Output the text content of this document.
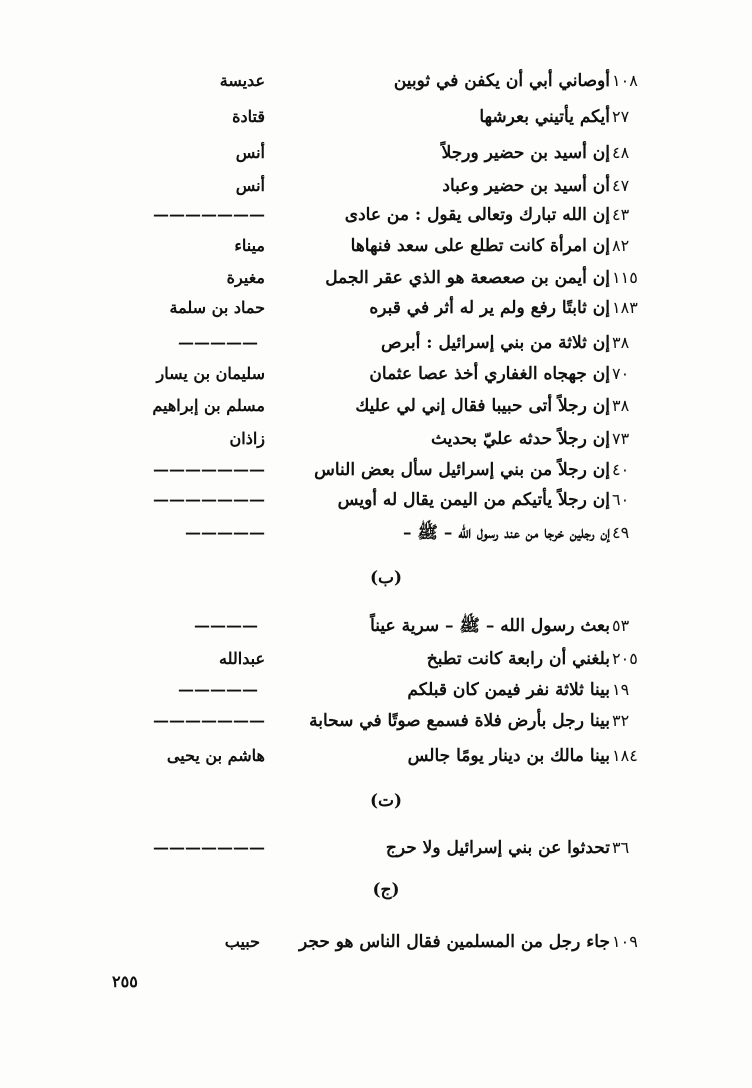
١٠٨
أوصاني أبي أن يكفن في ثوبين
عديسة
٢٧
أيكم يأتيني بعرشها
قتادة
٤٨
إن أسيد بن حضير ورجلاً
أنس
٤٧
أن أسيد بن حضير وعباد
أنس
٤٣
إن الله تبارك وتعالى يقول : من عادى
———————
٨٢
إن امرأة كانت تطلع على سعد فنهاها
ميناء
١١٥
إن أيمن بن صعصعة هو الذي عقر الجمل
مغيرة
١٨٣
إن ثابتًا رفع ولم ير له أثر في قبره
حماد بن سلمة
٣٨
إن ثلاثة من بني إسرائيل : أبرص
—————
٧٠
إن جهجاه الغفاري أخذ عصا عثمان
سليمان بن يسار
٣٨
إن رجلاً أتى حبيبا فقال إني لي عليك
مسلم بن إبراهيم
٧٣
إن رجلاً حدثه عليّ بحديث
زاذان
٤٠
إن رجلاً من بني إسرائيل سأل بعض الناس
———————
٦٠
إن رجلاً يأتيكم من اليمن يقال له أويس
———————
٤٩
إن رجلين خرجا من عند رسول الله – ﷺ –
—————
(ب)
٥٣
بعث رسول الله – ﷺ – سرية عيناً
————
٢٠٥
بلغني أن رابعة كانت تطبخ
عبدالله
١٩
بينا ثلاثة نفر فيمن كان قبلكم
—————
٣٢
بينا رجل بأرض فلاة فسمع صوتًا في سحابة
———————
١٨٤
بينا مالك بن دينار يومًا جالس
هاشم بن يحيى
(ت)
٣٦
تحدثوا عن بني إسرائيل ولا حرج
———————
(ج)
١٠٩
جاء رجل من المسلمين فقال الناس هو حجر
حبيب
٢٥٥
